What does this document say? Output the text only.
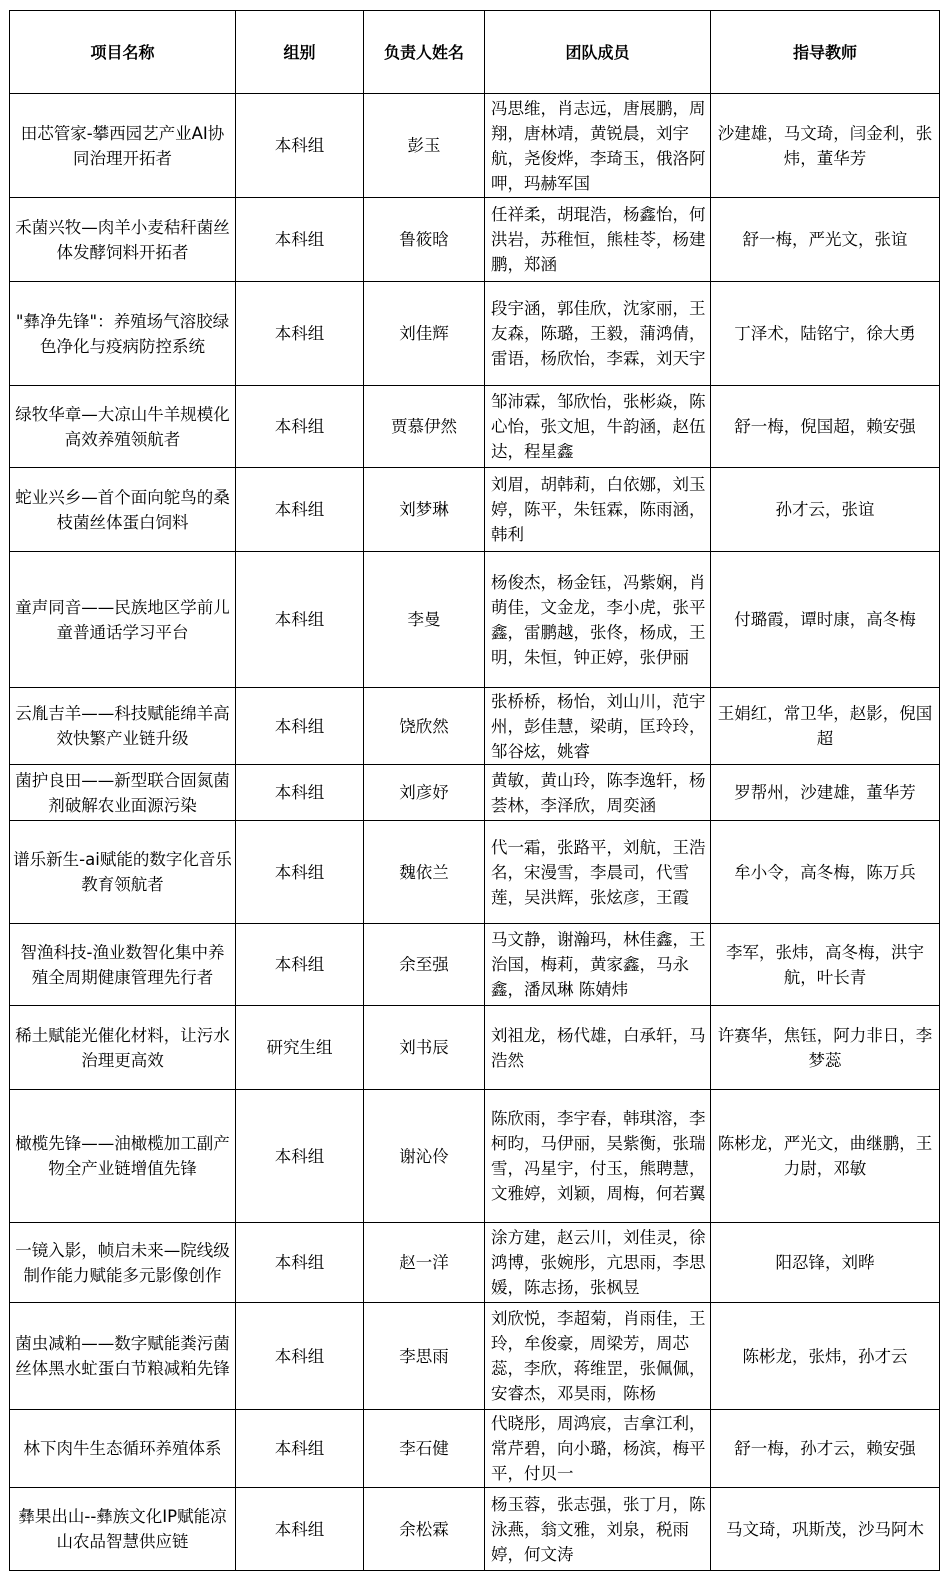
项目名称	组别	负责人姓名	团队成员	指导教师
田芯管家-攀西园艺产业AI协同治理开拓者	本科组	彭玉	冯思维，肖志远，唐展鹏，周翔，唐林靖，黄锐晨，刘宇航，尧俊烨，李琦玉，俄洛阿呷，玛赫军国	沙建雄，马文琦，闫金利，张炜，董华芳
禾菌兴牧—肉羊小麦秸秆菌丝体发酵饲料开拓者	本科组	鲁筱晗	任祥柔，胡琨浩，杨鑫怡，何洪岩，苏稚恒，熊桂苓，杨建鹏，郑涵	舒一梅，严光文，张谊
"彝净先锋"：养殖场气溶胶绿色净化与疫病防控系统	本科组	刘佳辉	段宇涵，郭佳欣，沈家丽，王友森，陈璐，王毅，蒲鸿倩，雷语，杨欣怡，李霖，刘天宇	丁泽术，陆铭宁，徐大勇
绿牧华章—大凉山牛羊规模化高效养殖领航者	本科组	贾慕伊然	邹沛霖，邹欣怡，张彬焱，陈心怡，张文旭，牛韵涵，赵伍达，程星鑫	舒一梅，倪国超，赖安强
蛇业兴乡—首个面向鸵鸟的桑枝菌丝体蛋白饲料	本科组	刘梦琳	刘眉，胡韩莉，白依娜，刘玉婷，陈平，朱钰霖，陈雨涵，韩利	孙才云，张谊
童声同音——民族地区学前儿童普通话学习平台	本科组	李曼	杨俊杰，杨金钰，冯紫娴，肖萌佳，文金龙，李小虎，张平鑫，雷鹏越，张佟，杨成，王明，朱恒，钟正婷，张伊丽	付璐霞，谭时康，高冬梅
云胤吉羊——科技赋能绵羊高效快繁产业链升级	本科组	饶欣然	张桥桥，杨怡，刘山川，范宇州，彭佳慧，梁萌，匡玲玲，邹谷炫，姚睿	王娟红，常卫华，赵影，倪国超
菌护良田——新型联合固氮菌剂破解农业面源污染	本科组	刘彦妤	黄敏，黄山玲，陈李逸轩，杨荟林，李泽欣，周奕涵	罗帮州，沙建雄，董华芳
谱乐新生-ai赋能的数字化音乐教育领航者	本科组	魏依兰	代一霜，张路平，刘航，王浩名，宋漫雪，李晨司，代雪莲，吴洪辉，张炫彦，王霞	牟小令，高冬梅，陈万兵
智渔科技-渔业数智化集中养殖全周期健康管理先行者	本科组	余至强	马文静，谢瀚玛，林佳鑫，王治国，梅莉，黄家鑫，马永鑫，潘凤琳 陈婧炜	李军，张炜，高冬梅，洪宇航，叶长青
稀土赋能光催化材料，让污水治理更高效	研究生组	刘书辰	刘祖龙，杨代雄，白承轩，马浩然	许赛华，焦钰，阿力非日，李梦蕊
橄榄先锋——油橄榄加工副产物全产业链增值先锋	本科组	谢沁伶	陈欣雨，李宇春，韩琪溶，李柯昀，马伊丽，吴紫衡，张瑞雪，冯星宇，付玉，熊聘慧，文雅婷，刘颖，周梅，何若翼	陈彬龙，严光文，曲继鹏，王力尉，邓敏
一镜入影，帧启未来—院线级制作能力赋能多元影像创作	本科组	赵一洋	涂方建，赵云川，刘佳灵，徐鸿博，张婉彤，亢思雨，李思媛，陈志扬，张枫昱	阳忍锋，刘晔
菌虫减粕——数字赋能粪污菌丝体黑水虻蛋白节粮减粕先锋	本科组	李思雨	刘欣悦，李超菊，肖雨佳，王玲，牟俊豪，周梁芳，周芯蕊，李欣，蒋维罡，张佩佩，安睿杰，邓昊雨，陈杨	陈彬龙，张炜，孙才云
林下肉牛生态循环养殖体系	本科组	李石健	代晓彤，周鸿宸，吉拿江利，常芹碧，向小璐，杨滨，梅平平，付贝一	舒一梅，孙才云，赖安强
彝果出山--彝族文化IP赋能凉山农品智慧供应链	本科组	余松霖	杨玉蓉，张志强，张丁月，陈泳燕，翁文雅，刘泉，税雨婷，何文涛	马文琦，巩斯茂，沙马阿木
